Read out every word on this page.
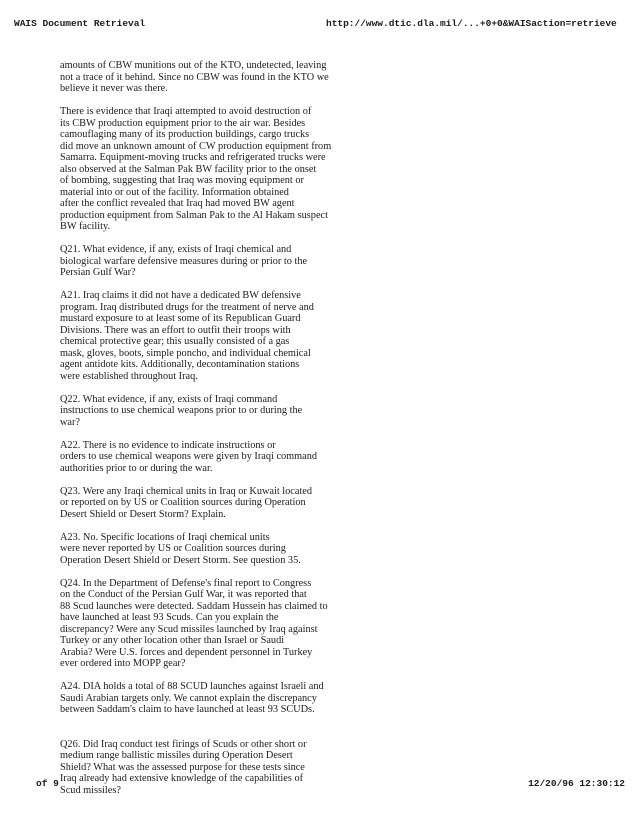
WAIS Document Retrieval	http://www.dtic.dla.mil/...+0+0&WAISaction=retrieve

amounts of CBW munitions out of the KTO, undetected, leaving
not a trace of it behind. Since no CBW was found in the KTO we
believe it never was there.

There is evidence that Iraqi attempted to avoid destruction of
its CBW production equipment prior to the air war. Besides
camouflaging many of its production buildings, cargo trucks
did move an unknown amount of CW production equipment from
Samarra. Equipment-moving trucks and refrigerated trucks were
also observed at the Salman Pak BW facility prior to the onset
of bombing, suggesting that Iraq was moving equipment or
material into or out of the facility. Information obtained
after the conflict revealed that Iraq had moved BW agent
production equipment from Salman Pak to the Al Hakam suspect
BW facility.

Q21. What evidence, if any, exists of Iraqi chemical and
biological warfare defensive measures during or prior to the
Persian Gulf War?

A21. Iraq claims it did not have a dedicated BW defensive
program. Iraq distributed drugs for the treatment of nerve and
mustard exposure to at least some of its Republican Guard
Divisions. There was an effort to outfit their troops with
chemical protective gear; this usually consisted of a gas
mask, gloves, boots, simple poncho, and individual chemical
agent antidote kits. Additionally, decontamination stations
were established throughout Iraq.

Q22. What evidence, if any, exists of Iraqi command
instructions to use chemical weapons prior to or during the
war?

A22. There is no evidence to indicate instructions or
orders to use chemical weapons were given by Iraqi command
authorities prior to or during the war.

Q23. Were any Iraqi chemical units in Iraq or Kuwait located
or reported on by US or Coalition sources during Operation
Desert Shield or Desert Storm? Explain.

A23. No. Specific locations of Iraqi chemical units
were never reported by US or Coalition sources during
Operation Desert Shield or Desert Storm. See question 35.

Q24. In the Department of Defense's final report to Congress
on the Conduct of the Persian Gulf War, it was reported that
88 Scud launches were detected. Saddam Hussein has claimed to
have launched at least 93 Scuds. Can you explain the
discrepancy? Were any Scud missiles launched by Iraq against
Turkey or any other location other than Israel or Saudi
Arabia? Were U.S. forces and dependent personnel in Turkey
ever ordered into MOPP gear?

A24. DIA holds a total of 88 SCUD launches against Israeli and
Saudi Arabian targets only. We cannot explain the discrepancy
between Saddam's claim to have launched at least 93 SCUDs.

Q26. Did Iraq conduct test firings of Scuds or other short or
medium range ballistic missiles during Operation Desert
Shield? What was the assessed purpose for these tests since
Iraq already had extensive knowledge of the capabilities of
Scud missiles?

of 9	12/20/96 12:30:12
